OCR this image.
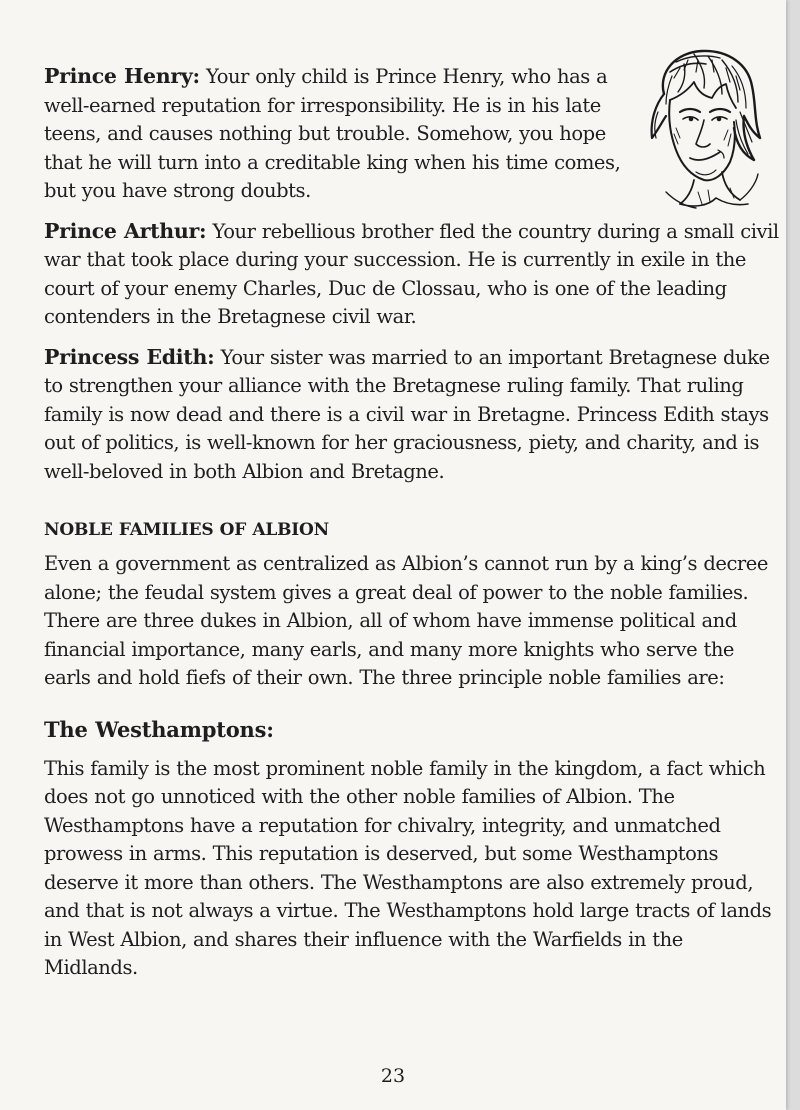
Prince Henry: Your only child is Prince Henry, who has a well-earned reputation for irresponsibility. He is in his late teens, and causes nothing but trouble. Somehow, you hope that he will turn into a creditable king when his time comes, but you have strong doubts.

Prince Arthur: Your rebellious brother fled the country during a small civil war that took place during your succession. He is currently in exile in the court of your enemy Charles, Duc de Clossau, who is one of the leading contenders in the Bretagnese civil war.

Princess Edith: Your sister was married to an important Bretagnese duke to strengthen your alliance with the Bretagnese ruling family. That ruling family is now dead and there is a civil war in Bretagne. Princess Edith stays out of politics, is well-known for her graciousness, piety, and charity, and is well-beloved in both Albion and Bretagne.

NOBLE FAMILIES OF ALBION

Even a government as centralized as Albion’s cannot run by a king’s decree alone; the feudal system gives a great deal of power to the noble families. There are three dukes in Albion, all of whom have immense political and financial importance, many earls, and many more knights who serve the earls and hold fiefs of their own. The three principle noble families are:

The Westhamptons:

This family is the most prominent noble family in the kingdom, a fact which does not go unnoticed with the other noble families of Albion. The Westhamptons have a reputation for chivalry, integrity, and unmatched prowess in arms. This reputation is deserved, but some Westhamptons deserve it more than others. The Westhamptons are also extremely proud, and that is not always a virtue. The Westhamptons hold large tracts of lands in West Albion, and shares their influence with the Warfields in the Midlands.

23
